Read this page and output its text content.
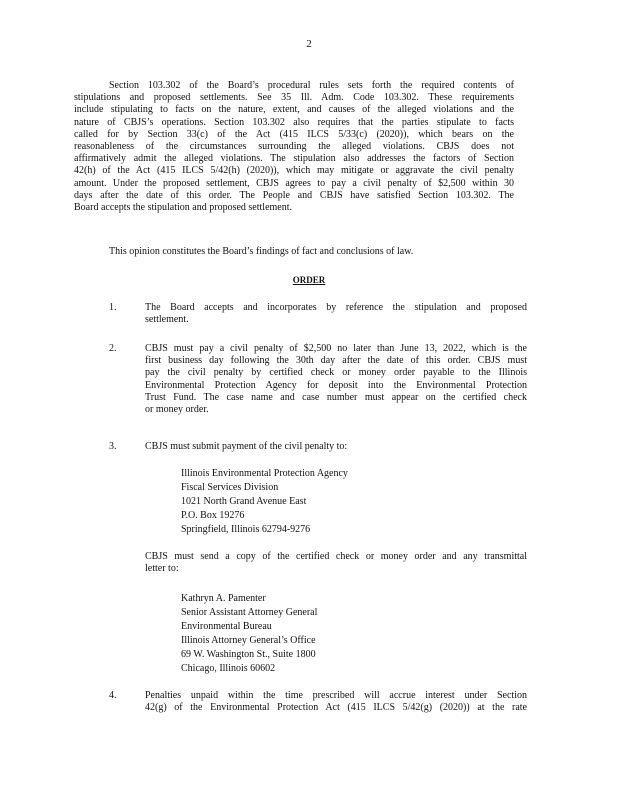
2
Section 103.302 of the Board’s procedural rules sets forth the required contents of
stipulations and proposed settlements. See 35 Ill. Adm. Code 103.302. These requirements
include stipulating to facts on the nature, extent, and causes of the alleged violations and the
nature of CBJS’s operations. Section 103.302 also requires that the parties stipulate to facts
called for by Section 33(c) of the Act (415 ILCS 5/33(c) (2020)), which bears on the
reasonableness of the circumstances surrounding the alleged violations. CBJS does not
affirmatively admit the alleged violations. The stipulation also addresses the factors of Section
42(h) of the Act (415 ILCS 5/42(h) (2020)), which may mitigate or aggravate the civil penalty
amount. Under the proposed settlement, CBJS agrees to pay a civil penalty of $2,500 within 30
days after the date of this order. The People and CBJS have satisfied Section 103.302. The
Board accepts the stipulation and proposed settlement.
This opinion constitutes the Board’s findings of fact and conclusions of law.
ORDER
1.	The Board accepts and incorporates by reference the stipulation and proposed
settlement.
2.	CBJS must pay a civil penalty of $2,500 no later than June 13, 2022, which is the
first business day following the 30th day after the date of this order. CBJS must
pay the civil penalty by certified check or money order payable to the Illinois
Environmental Protection Agency for deposit into the Environmental Protection
Trust Fund. The case name and case number must appear on the certified check
or money order.
3.	CBJS must submit payment of the civil penalty to:
Illinois Environmental Protection Agency
Fiscal Services Division
1021 North Grand Avenue East
P.O. Box 19276
Springfield, Illinois 62794-9276
CBJS must send a copy of the certified check or money order and any transmittal
letter to:
Kathryn A. Pamenter
Senior Assistant Attorney General
Environmental Bureau
Illinois Attorney General’s Office
69 W. Washington St., Suite 1800
Chicago, Illinois 60602
4.	Penalties unpaid within the time prescribed will accrue interest under Section
42(g) of the Environmental Protection Act (415 ILCS 5/42(g) (2020)) at the rate
